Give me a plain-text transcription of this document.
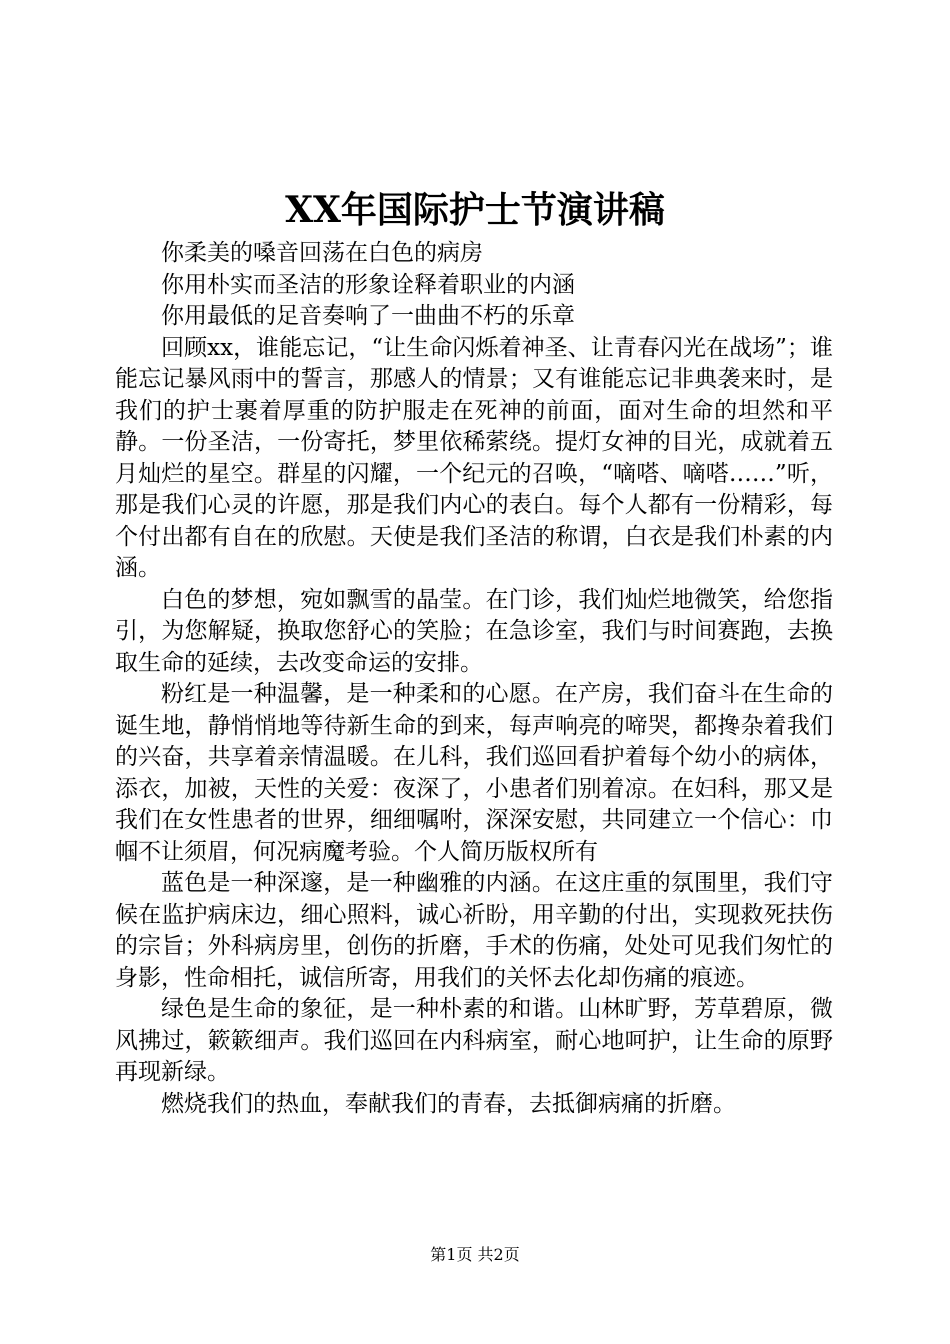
XX年国际护士节演讲稿

你柔美的嗓音回荡在白色的病房

你用朴实而圣洁的形象诠释着职业的内涵

你用最低的足音奏响了一曲曲不朽的乐章

回顾xx，谁能忘记，“让生命闪烁着神圣、让青春闪光在战场”；谁能忘记暴风雨中的誓言，那感人的情景；又有谁能忘记非典袭来时，是我们的护士裹着厚重的防护服走在死神的前面，面对生命的坦然和平静。一份圣洁，一份寄托，梦里依稀萦绕。提灯女神的目光，成就着五月灿烂的星空。群星的闪耀，一个纪元的召唤，“嘀嗒、嘀嗒……”听，那是我们心灵的许愿，那是我们内心的表白。每个人都有一份精彩，每个付出都有自在的欣慰。天使是我们圣洁的称谓，白衣是我们朴素的内涵。

白色的梦想，宛如飘雪的晶莹。在门诊，我们灿烂地微笑，给您指引，为您解疑，换取您舒心的笑脸；在急诊室，我们与时间赛跑，去换取生命的延续，去改变命运的安排。

粉红是一种温馨，是一种柔和的心愿。在产房，我们奋斗在生命的诞生地，静悄悄地等待新生命的到来，每声响亮的啼哭，都搀杂着我们的兴奋，共享着亲情温暖。在儿科，我们巡回看护着每个幼小的病体，添衣，加被，天性的关爱：夜深了，小患者们别着凉。在妇科，那又是我们在女性患者的世界，细细嘱咐，深深安慰，共同建立一个信心：巾帼不让须眉，何况病魔考验。个人简历版权所有

蓝色是一种深邃，是一种幽雅的内涵。在这庄重的氛围里，我们守候在监护病床边，细心照料，诚心祈盼，用辛勤的付出，实现救死扶伤的宗旨；外科病房里，创伤的折磨，手术的伤痛，处处可见我们匆忙的身影，性命相托，诚信所寄，用我们的关怀去化却伤痛的痕迹。

绿色是生命的象征，是一种朴素的和谐。山林旷野，芳草碧原，微风拂过，簌簌细声。我们巡回在内科病室，耐心地呵护，让生命的原野再现新绿。

燃烧我们的热血，奉献我们的青春，去抵御病痛的折磨。

第1页 共2页
